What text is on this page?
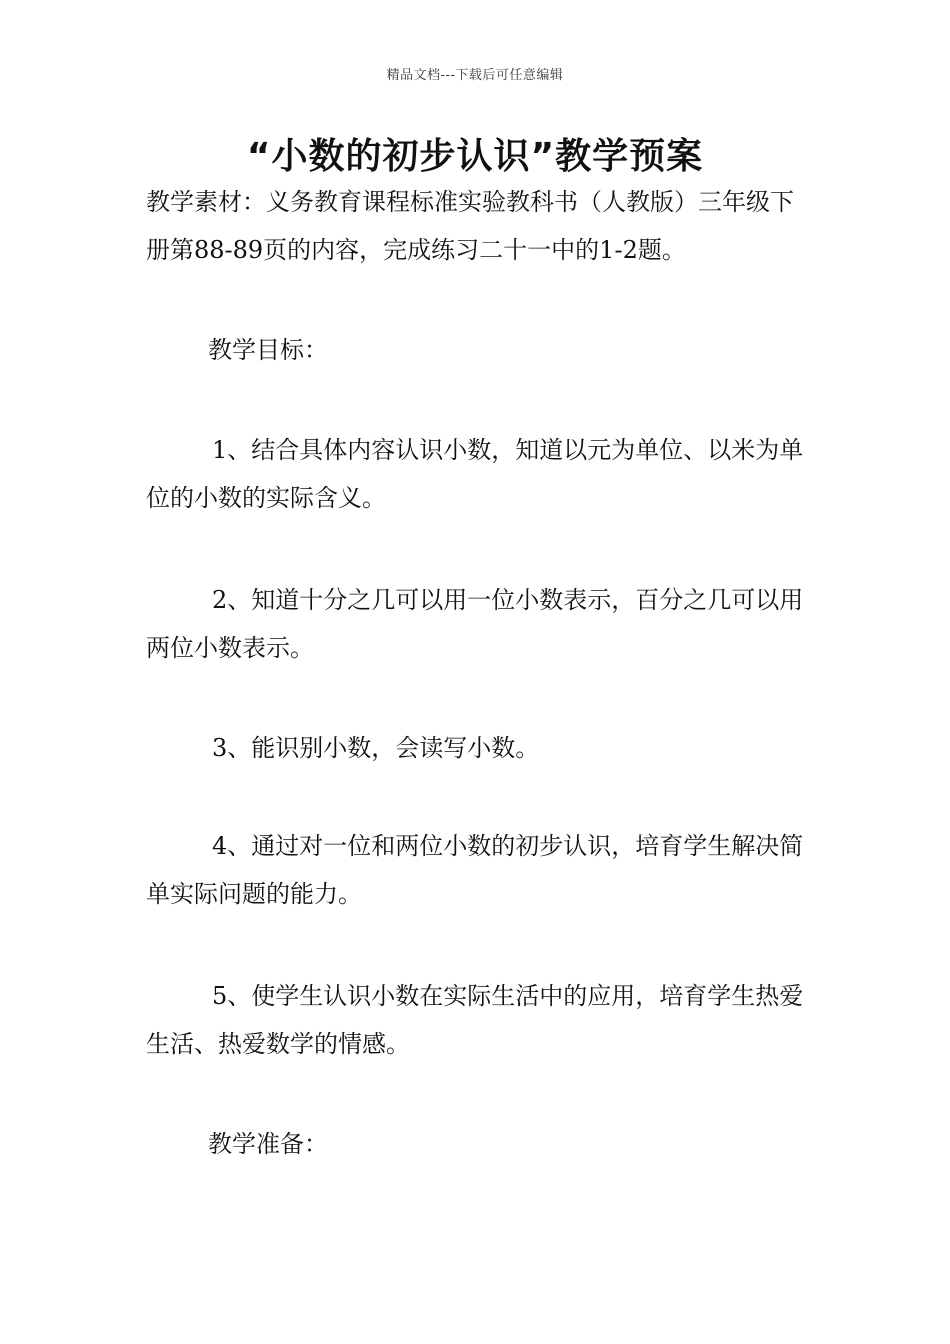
精品文档---下载后可任意编辑
“小数的初步认识”教学预案
教学素材：义务教育课程标准实验教科书（人教版）三年级下册第88-89页的内容，完成练习二十一中的1-2题。
教学目标：
1、结合具体内容认识小数，知道以元为单位、以米为单位的小数的实际含义。
2、知道十分之几可以用一位小数表示，百分之几可以用两位小数表示。
3、能识别小数，会读写小数。
4、通过对一位和两位小数的初步认识，培育学生解决简单实际问题的能力。
5、使学生认识小数在实际生活中的应用，培育学生热爱生活、热爱数学的情感。
教学准备：
